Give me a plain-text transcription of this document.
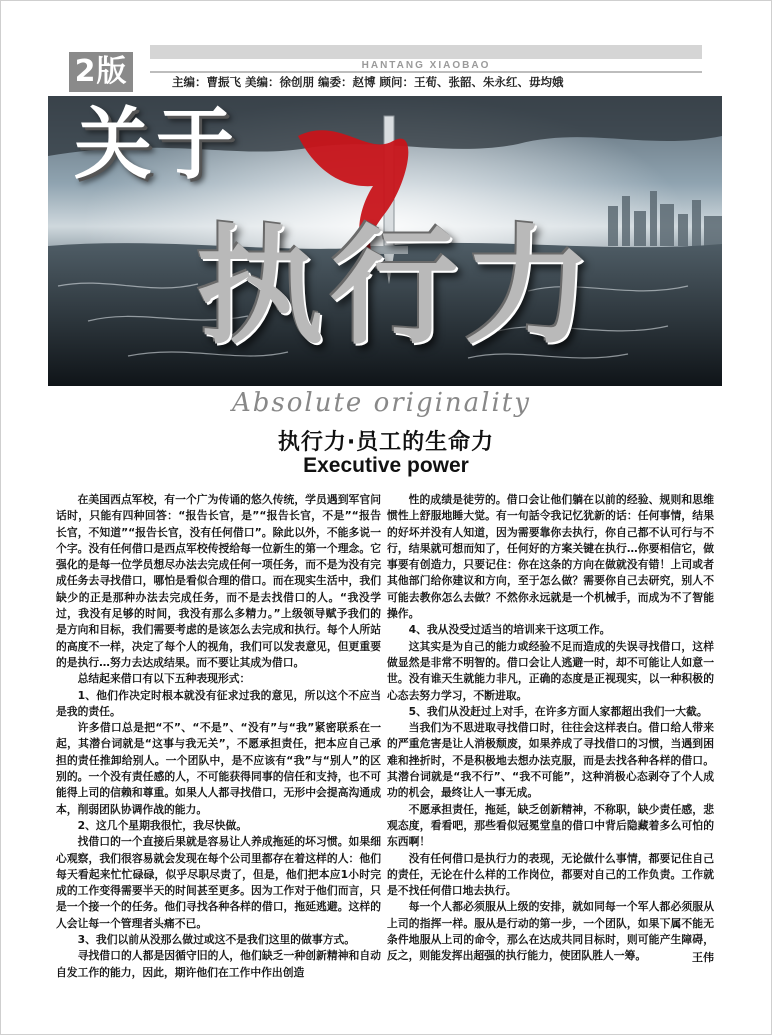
2版	HANTANG XIAOBAO
主编：曹振飞 美编：徐创朋 编委：赵博 顾问：王荀、张韶、朱永红、毋均娥
关于
执行力
Absolute originality
执行力·员工的生命力
Executive power

在美国西点军校，有一个广为传诵的悠久传统，学员遇到军官问话时，只能有四种回答：“报告长官，是”“报告长官，不是”“报告长官，不知道”“报告长官，没有任何借口”。除此以外，不能多说一个字。没有任何借口是西点军校传授给每一位新生的第一个理念。它强化的是每一位学员想尽办法去完成任何一项任务，而不是为没有完成任务去寻找借口，哪怕是看似合理的借口。而在现实生活中，我们缺少的正是那种办法去完成任务，而不是去找借口的人。“我没学过，我没有足够的时间，我没有那么多精力。”上级领导赋予我们的是方向和目标，我们需要考虑的是该怎么去完成和执行。每个人所站的高度不一样，决定了每个人的视角，我们可以发表意见，但更重要的是执行…努力去达成结果。而不要让其成为借口。

总结起来借口有以下五种表现形式：

1、他们作决定时根本就没有征求过我的意见，所以这个不应当是我的责任。

许多借口总是把“不”、“不是”、“没有”与“我”紧密联系在一起，其潜台词就是“这事与我无关”，不愿承担责任，把本应自己承担的责任推卸给别人。一个团队中，是不应该有“我”与“别人”的区别的。一个没有责任感的人，不可能获得同事的信任和支持，也不可能得上司的信赖和尊重。如果人人都寻找借口，无形中会提高沟通成本，削弱团队协调作战的能力。

2、这几个星期我很忙，我尽快做。

找借口的一个直接后果就是容易让人养成拖延的坏习惯。如果细心观察，我们很容易就会发现在每个公司里都存在着这样的人：他们每天看起来忙忙碌碌，似乎尽职尽责了，但是，他们把本应1小时完成的工作变得需要半天的时间甚至更多。因为工作对于他们而言，只是一个接一个的任务。他们寻找各种各样的借口，拖延逃避。这样的人会让每一个管理者头痛不已。

3、我们以前从没那么做过或这不是我们这里的做事方式。

寻找借口的人都是因循守旧的人，他们缺乏一种创新精神和自动自发工作的能力，因此，期许他们在工作中作出创造

性的成绩是徒劳的。借口会让他们躺在以前的经验、规则和思维惯性上舒服地睡大觉。有一句話令我记忆犹新的话：任何事情，结果的好坏并没有人知道，因为需要靠你去执行，你自己都不认可行与不行，结果就可想而知了，任何好的方案关键在执行…你要相信它，做事要有创造力，只要记住：你在这条的方向在做就没有错！上司或者其他部门给你建议和方向，至于怎么做？需要你自己去研究，别人不可能去教你怎么去做？不然你永远就是一个机械手，而成为不了智能操作。

4、我从没受过适当的培训来干这项工作。

这其实是为自己的能力或经验不足而造成的失误寻找借口，这样做显然是非常不明智的。借口会让人逃避一时，却不可能让人如意一世。没有谁天生就能力非凡，正确的态度是正视现实，以一种积极的心态去努力学习，不断进取。

5、我们从没赶过上对手，在许多方面人家都超出我们一大截。

当我们为不思进取寻找借口时，往往会这样表白。借口给人带来的严重危害是让人消极颓废，如果养成了寻找借口的习惯，当遇到困难和挫折时，不是积极地去想办法克服，而是去找各种各样的借口。其潜台词就是“我不行”、“我不可能”，这种消极心态剥夺了个人成功的机会，最终让人一事无成。

不愿承担责任，拖延，缺乏创新精神，不称职，缺少责任感，悲观态度，看看吧，那些看似冠冕堂皇的借口中背后隐藏着多么可怕的东西啊！

没有任何借口是执行力的表现，无论做什么事情，都要记住自己的责任，无论在什么样的工作岗位，都要对自己的工作负责。工作就是不找任何借口地去执行。

每一个人都必须服从上级的安排，就如同每一个军人都必须服从上司的指挥一样。服从是行动的第一步，一个团队，如果下属不能无条件地服从上司的命令，那么在达成共同目标时，则可能产生障碍，反之，则能发挥出超强的执行能力，使团队胜人一筹。	王伟
